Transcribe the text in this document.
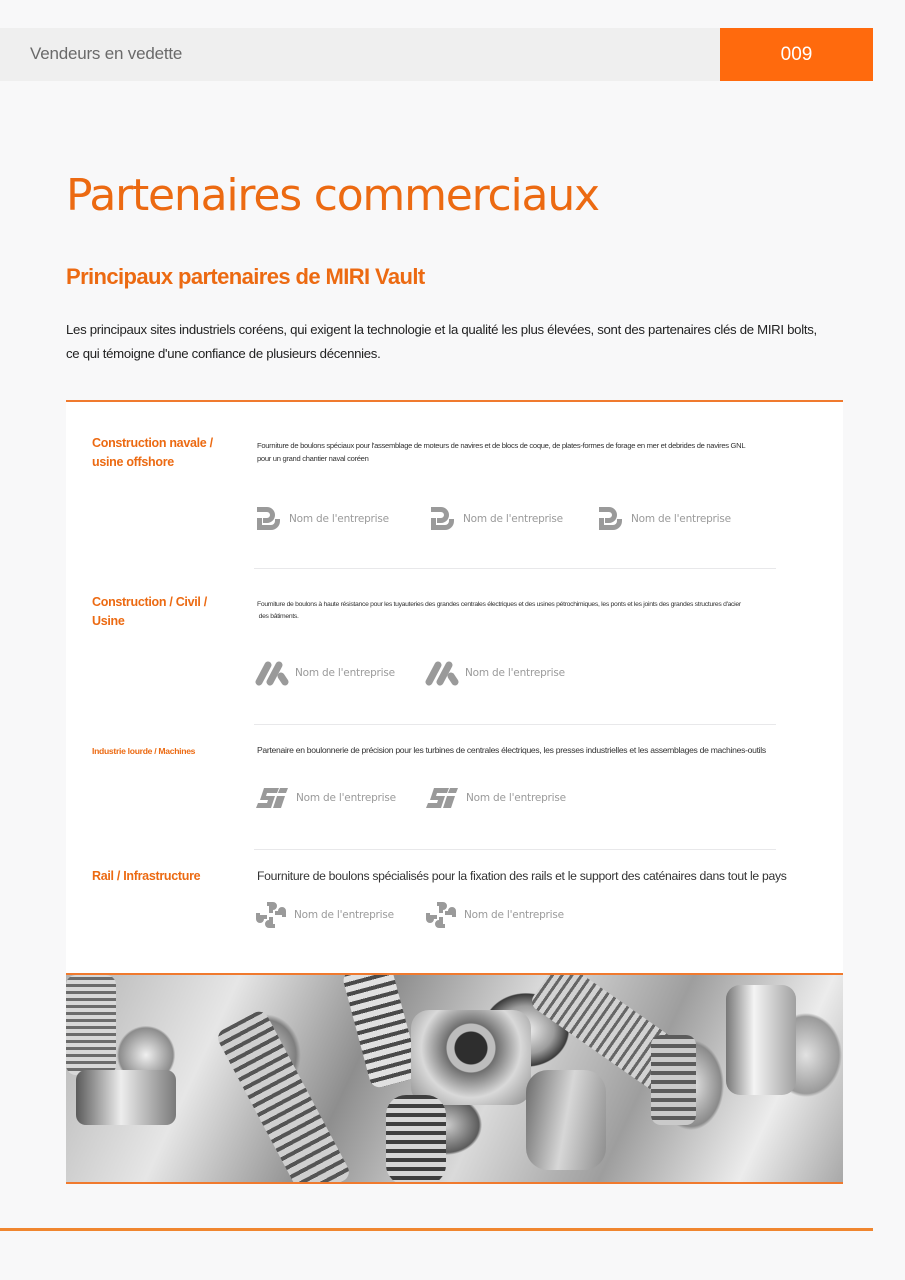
Vendeurs en vedette	009
Partenaires commerciaux
Principaux partenaires de MIRI Vault
Les principaux sites industriels coréens, qui exigent la technologie et la qualité les plus élevées, sont des partenaires clés de MIRI bolts,
ce qui témoigne d'une confiance de plusieurs décennies.
Construction navale /
usine offshore
Fourniture de boulons spéciaux pour l'assemblage de moteurs de navires et de blocs de coque, de plates-formes de forage en mer et debrides de navires GNL
pour un grand chantier naval coréen
Nom de l'entreprise	Nom de l'entreprise	Nom de l'entreprise
Construction / Civil /
Usine
Fourniture de boulons à haute résistance pour les tuyauteries des grandes centrales électriques et des usines pétrochimiques, les ponts et les joints des grandes structures d'acier
des bâtiments.
Nom de l'entreprise	Nom de l'entreprise
Industrie lourde / Machines	Partenaire en boulonnerie de précision pour les turbines de centrales électriques, les presses industrielles et les assemblages de machines-outils
Nom de l'entreprise	Nom de l'entreprise
Rail / Infrastructure	Fourniture de boulons spécialisés pour la fixation des rails et le support des caténaires dans tout le pays
Nom de l'entreprise	Nom de l'entreprise
